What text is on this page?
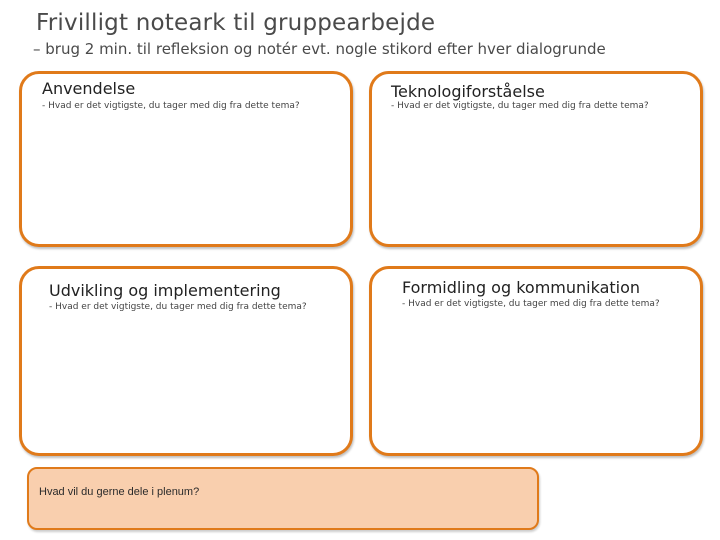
Frivilligt noteark til gruppearbejde
– brug 2 min. til refleksion og notér evt. nogle stikord efter hver dialogrunde
Anvendelse
- Hvad er det vigtigste, du tager med dig fra dette tema?
Teknologiforståelse
- Hvad er det vigtigste, du tager med dig fra dette tema?
Udvikling og implementering
- Hvad er det vigtigste, du tager med dig fra dette tema?
Formidling og kommunikation
- Hvad er det vigtigste, du tager med dig fra dette tema?
Hvad vil du gerne dele i plenum?
